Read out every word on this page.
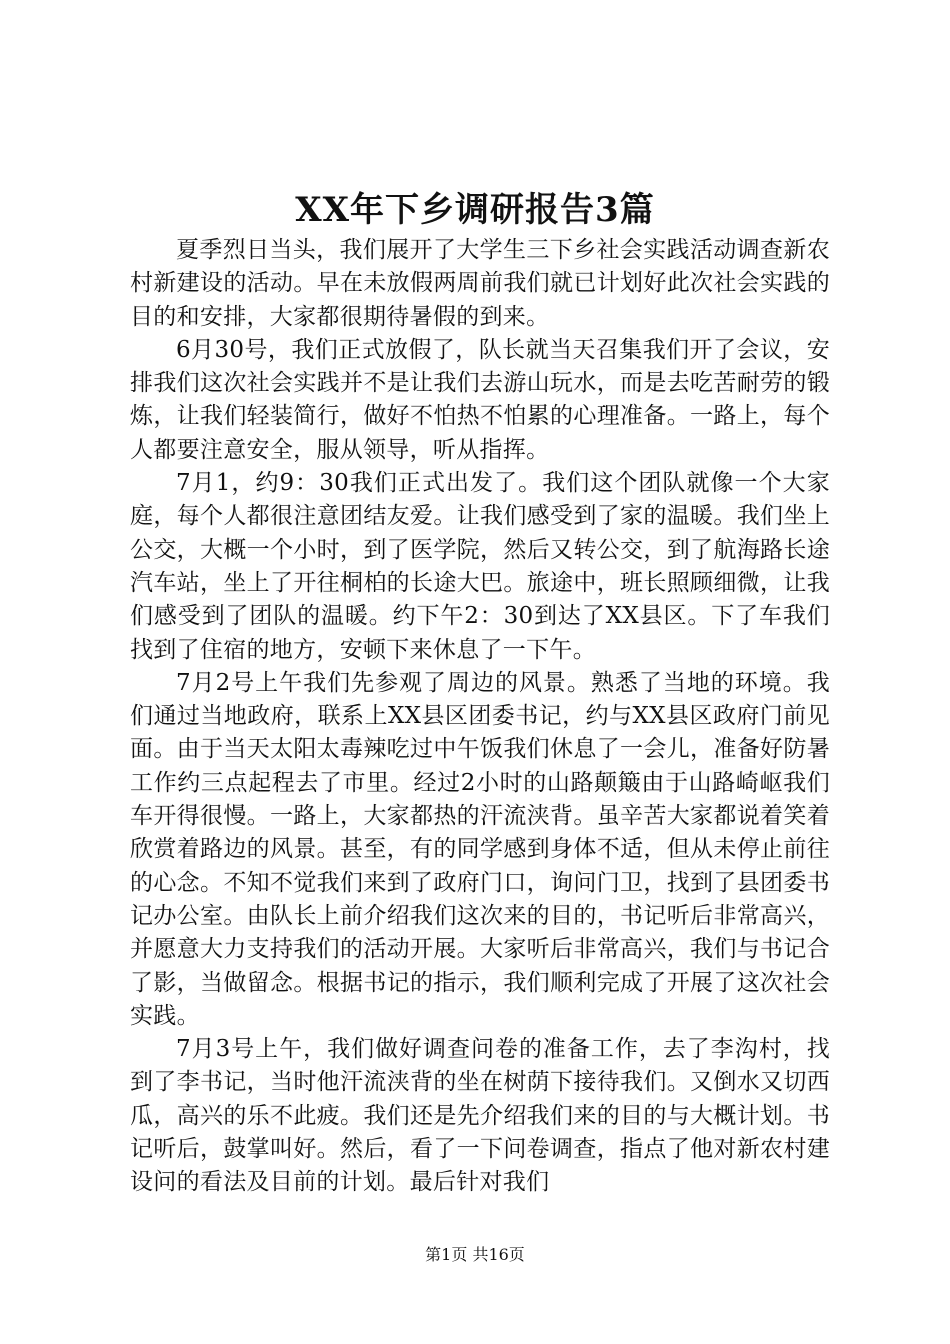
XX年下乡调研报告3篇

夏季烈日当头，我们展开了大学生三下乡社会实践活动调查新农村新建设的活动。早在未放假两周前我们就已计划好此次社会实践的目的和安排，大家都很期待暑假的到来。

6月30号，我们正式放假了，队长就当天召集我们开了会议，安排我们这次社会实践并不是让我们去游山玩水，而是去吃苦耐劳的锻炼，让我们轻装简行，做好不怕热不怕累的心理准备。一路上，每个人都要注意安全，服从领导，听从指挥。

7月1，约9：30我们正式出发了。我们这个团队就像一个大家庭，每个人都很注意团结友爱。让我们感受到了家的温暖。我们坐上公交，大概一个小时，到了医学院，然后又转公交，到了航海路长途汽车站，坐上了开往桐柏的长途大巴。旅途中，班长照顾细微，让我们感受到了团队的温暖。约下午2：30到达了XX县区。下了车我们找到了住宿的地方，安顿下来休息了一下午。

7月2号上午我们先参观了周边的风景。熟悉了当地的环境。我们通过当地政府，联系上XX县区团委书记，约与XX县区政府门前见面。由于当天太阳太毒辣吃过中午饭我们休息了一会儿，准备好防暑工作约三点起程去了市里。经过2小时的山路颠簸由于山路崎岖我们车开得很慢。一路上，大家都热的汗流浃背。虽辛苦大家都说着笑着欣赏着路边的风景。甚至，有的同学感到身体不适，但从未停止前往的心念。不知不觉我们来到了政府门口，询问门卫，找到了县团委书记办公室。由队长上前介绍我们这次来的目的，书记听后非常高兴，并愿意大力支持我们的活动开展。大家听后非常高兴，我们与书记合了影，当做留念。根据书记的指示，我们顺利完成了开展了这次社会实践。

7月3号上午，我们做好调查问卷的准备工作，去了李沟村，找到了李书记，当时他汗流浃背的坐在树荫下接待我们。又倒水又切西瓜，高兴的乐不此疲。我们还是先介绍我们来的目的与大概计划。书记听后，鼓掌叫好。然后，看了一下问卷调查，指点了他对新农村建设问的看法及目前的计划。最后针对我们

第1页 共16页
